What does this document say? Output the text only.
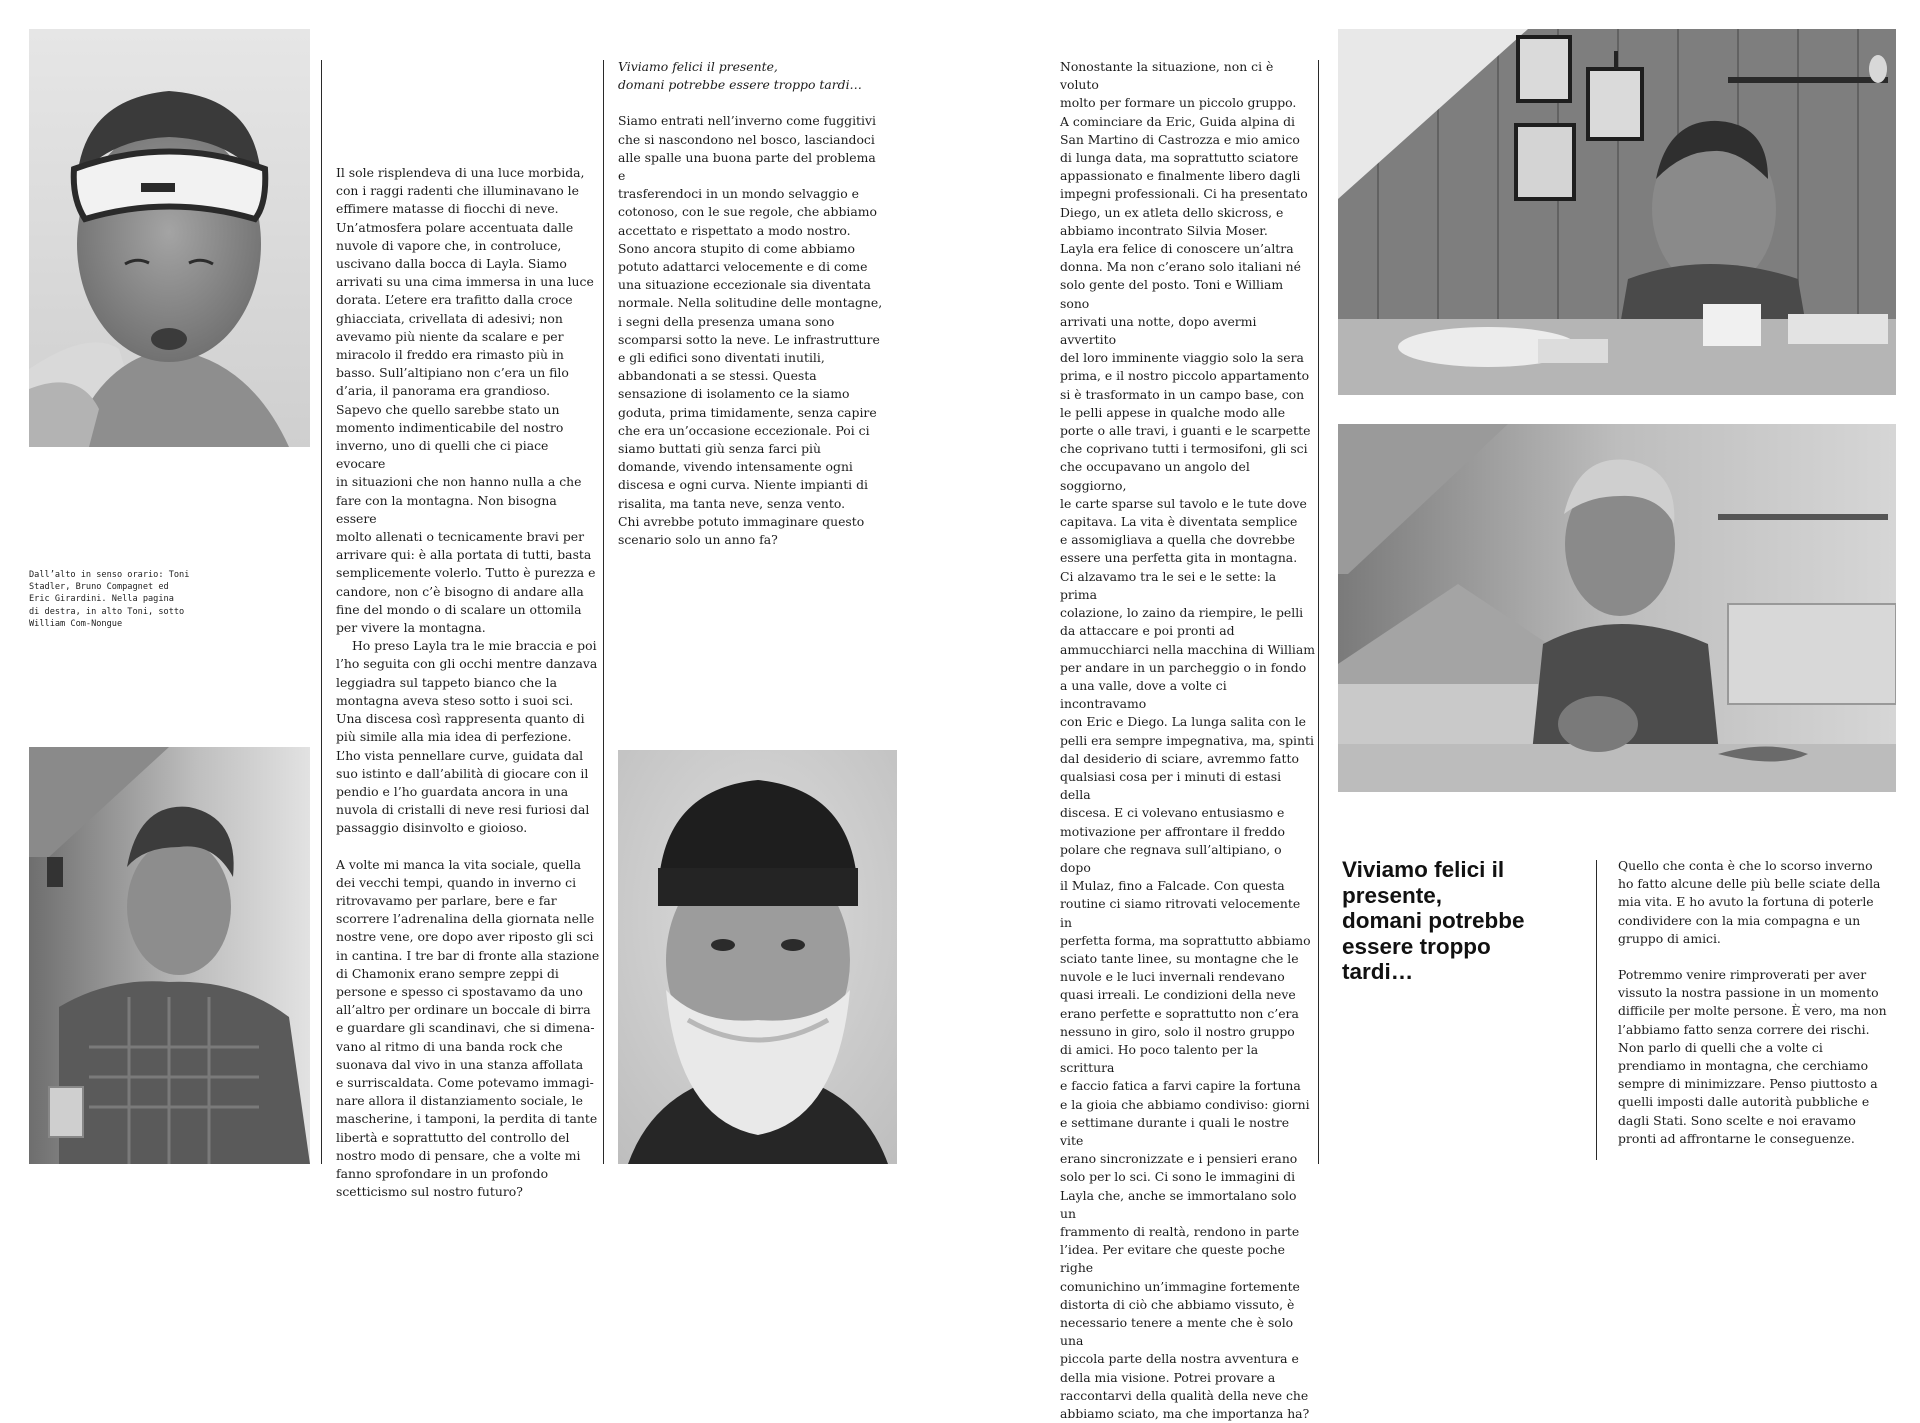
Dall’alto in senso orario: Toni
Stadler, Bruno Compagnet ed
Eric Girardini. Nella pagina
di destra, in alto Toni, sotto
William Com-Nongue

Il sole risplendeva di una luce morbida,
con i raggi radenti che illuminavano le
effimere matasse di fiocchi di neve.
Un’atmosfera polare accentuata dalle
nuvole di vapore che, in controluce,
uscivano dalla bocca di Layla. Siamo
arrivati su una cima immersa in una luce
dorata. L’etere era trafitto dalla croce
ghiacciata, crivellata di adesivi; non
avevamo più niente da scalare e per
miracolo il freddo era rimasto più in
basso. Sull’altipiano non c’era un filo
d’aria, il panorama era grandioso.
Sapevo che quello sarebbe stato un
momento indimenticabile del nostro
inverno, uno di quelli che ci piace evocare
in situazioni che non hanno nulla a che
fare con la montagna. Non bisogna essere
molto allenati o tecnicamente bravi per
arrivare qui: è alla portata di tutti, basta
semplicemente volerlo. Tutto è purezza e
candore, non c’è bisogno di andare alla
fine del mondo o di scalare un ottomila
per vivere la montagna.

Ho preso Layla tra le mie braccia e poi
l’ho seguita con gli occhi mentre danzava
leggiadra sul tappeto bianco che la
montagna aveva steso sotto i suoi sci.
Una discesa così rappresenta quanto di
più simile alla mia idea di perfezione.
L’ho vista pennellare curve, guidata dal
suo istinto e dall’abilità di giocare con il
pendio e l’ho guardata ancora in una
nuvola di cristalli di neve resi furiosi dal
passaggio disinvolto e gioioso.

A volte mi manca la vita sociale, quella
dei vecchi tempi, quando in inverno ci
ritrovavamo per parlare, bere e far
scorrere l’adrenalina della giornata nelle
nostre vene, ore dopo aver riposto gli sci
in cantina. I tre bar di fronte alla stazione
di Chamonix erano sempre zeppi di
persone e spesso ci spostavamo da uno
all’altro per ordinare un boccale di birra
e guardare gli scandinavi, che si dimena-
vano al ritmo di una banda rock che
suonava dal vivo in una stanza affollata
e surriscaldata. Come potevamo immagi-
nare allora il distanziamento sociale, le
mascherine, i tamponi, la perdita di tante
libertà e soprattutto del controllo del
nostro modo di pensare, che a volte mi
fanno sprofondare in un profondo
scetticismo sul nostro futuro?

Viviamo felici il presente,
domani potrebbe essere troppo tardi…

Siamo entrati nell’inverno come fuggitivi
che si nascondono nel bosco, lasciandoci
alle spalle una buona parte del problema e
trasferendoci in un mondo selvaggio e
cotonoso, con le sue regole, che abbiamo
accettato e rispettato a modo nostro.
Sono ancora stupito di come abbiamo
potuto adattarci velocemente e di come
una situazione eccezionale sia diventata
normale. Nella solitudine delle montagne,
i segni della presenza umana sono
scomparsi sotto la neve. Le infrastrutture
e gli edifici sono diventati inutili,
abbandonati a se stessi. Questa
sensazione di isolamento ce la siamo
goduta, prima timidamente, senza capire
che era un’occasione eccezionale. Poi ci
siamo buttati giù senza farci più
domande, vivendo intensamente ogni
discesa e ogni curva. Niente impianti di
risalita, ma tanta neve, senza vento.
Chi avrebbe potuto immaginare questo
scenario solo un anno fa?

Nonostante la situazione, non ci è voluto
molto per formare un piccolo gruppo.
A cominciare da Eric, Guida alpina di
San Martino di Castrozza e mio amico
di lunga data, ma soprattutto sciatore
appassionato e finalmente libero dagli
impegni professionali. Ci ha presentato
Diego, un ex atleta dello skicross, e
abbiamo incontrato Silvia Moser.
Layla era felice di conoscere un’altra
donna. Ma non c’erano solo italiani né
solo gente del posto. Toni e William sono
arrivati una notte, dopo avermi avvertito
del loro imminente viaggio solo la sera
prima, e il nostro piccolo appartamento
si è trasformato in un campo base, con
le pelli appese in qualche modo alle
porte o alle travi, i guanti e le scarpette
che coprivano tutti i termosifoni, gli sci
che occupavano un angolo del soggiorno,
le carte sparse sul tavolo e le tute dove
capitava. La vita è diventata semplice
e assomigliava a quella che dovrebbe
essere una perfetta gita in montagna.
Ci alzavamo tra le sei e le sette: la prima
colazione, lo zaino da riempire, le pelli
da attaccare e poi pronti ad
ammucchiarci nella macchina di William
per andare in un parcheggio o in fondo
a una valle, dove a volte ci incontravamo
con Eric e Diego. La lunga salita con le
pelli era sempre impegnativa, ma, spinti
dal desiderio di sciare, avremmo fatto
qualsiasi cosa per i minuti di estasi della
discesa. E ci volevano entusiasmo e
motivazione per affrontare il freddo
polare che regnava sull’altipiano, o dopo
il Mulaz, fino a Falcade. Con questa
routine ci siamo ritrovati velocemente in
perfetta forma, ma soprattutto abbiamo
sciato tante linee, su montagne che le
nuvole e le luci invernali rendevano
quasi irreali. Le condizioni della neve
erano perfette e soprattutto non c’era
nessuno in giro, solo il nostro gruppo
di amici. Ho poco talento per la scrittura
e faccio fatica a farvi capire la fortuna
e la gioia che abbiamo condiviso: giorni
e settimane durante i quali le nostre vite
erano sincronizzate e i pensieri erano
solo per lo sci. Ci sono le immagini di
Layla che, anche se immortalano solo un
frammento di realtà, rendono in parte
l’idea. Per evitare che queste poche righe
comunichino un’immagine fortemente
distorta di ciò che abbiamo vissuto, è
necessario tenere a mente che è solo una
piccola parte della nostra avventura e
della mia visione. Potrei provare a
raccontarvi della qualità della neve che
abbiamo sciato, ma che importanza ha?

Viviamo felici il
presente,
domani potrebbe
essere troppo
tardi…

Quello che conta è che lo scorso inverno
ho fatto alcune delle più belle sciate della
mia vita. E ho avuto la fortuna di poterle
condividere con la mia compagna e un
gruppo di amici.

Potremmo venire rimproverati per aver
vissuto la nostra passione in un momento
difficile per molte persone. È vero, ma non
l’abbiamo fatto senza correre dei rischi.
Non parlo di quelli che a volte ci
prendiamo in montagna, che cerchiamo
sempre di minimizzare. Penso piuttosto a
quelli imposti dalle autorità pubbliche e
dagli Stati. Sono scelte e noi eravamo
pronti ad affrontarne le conseguenze.
